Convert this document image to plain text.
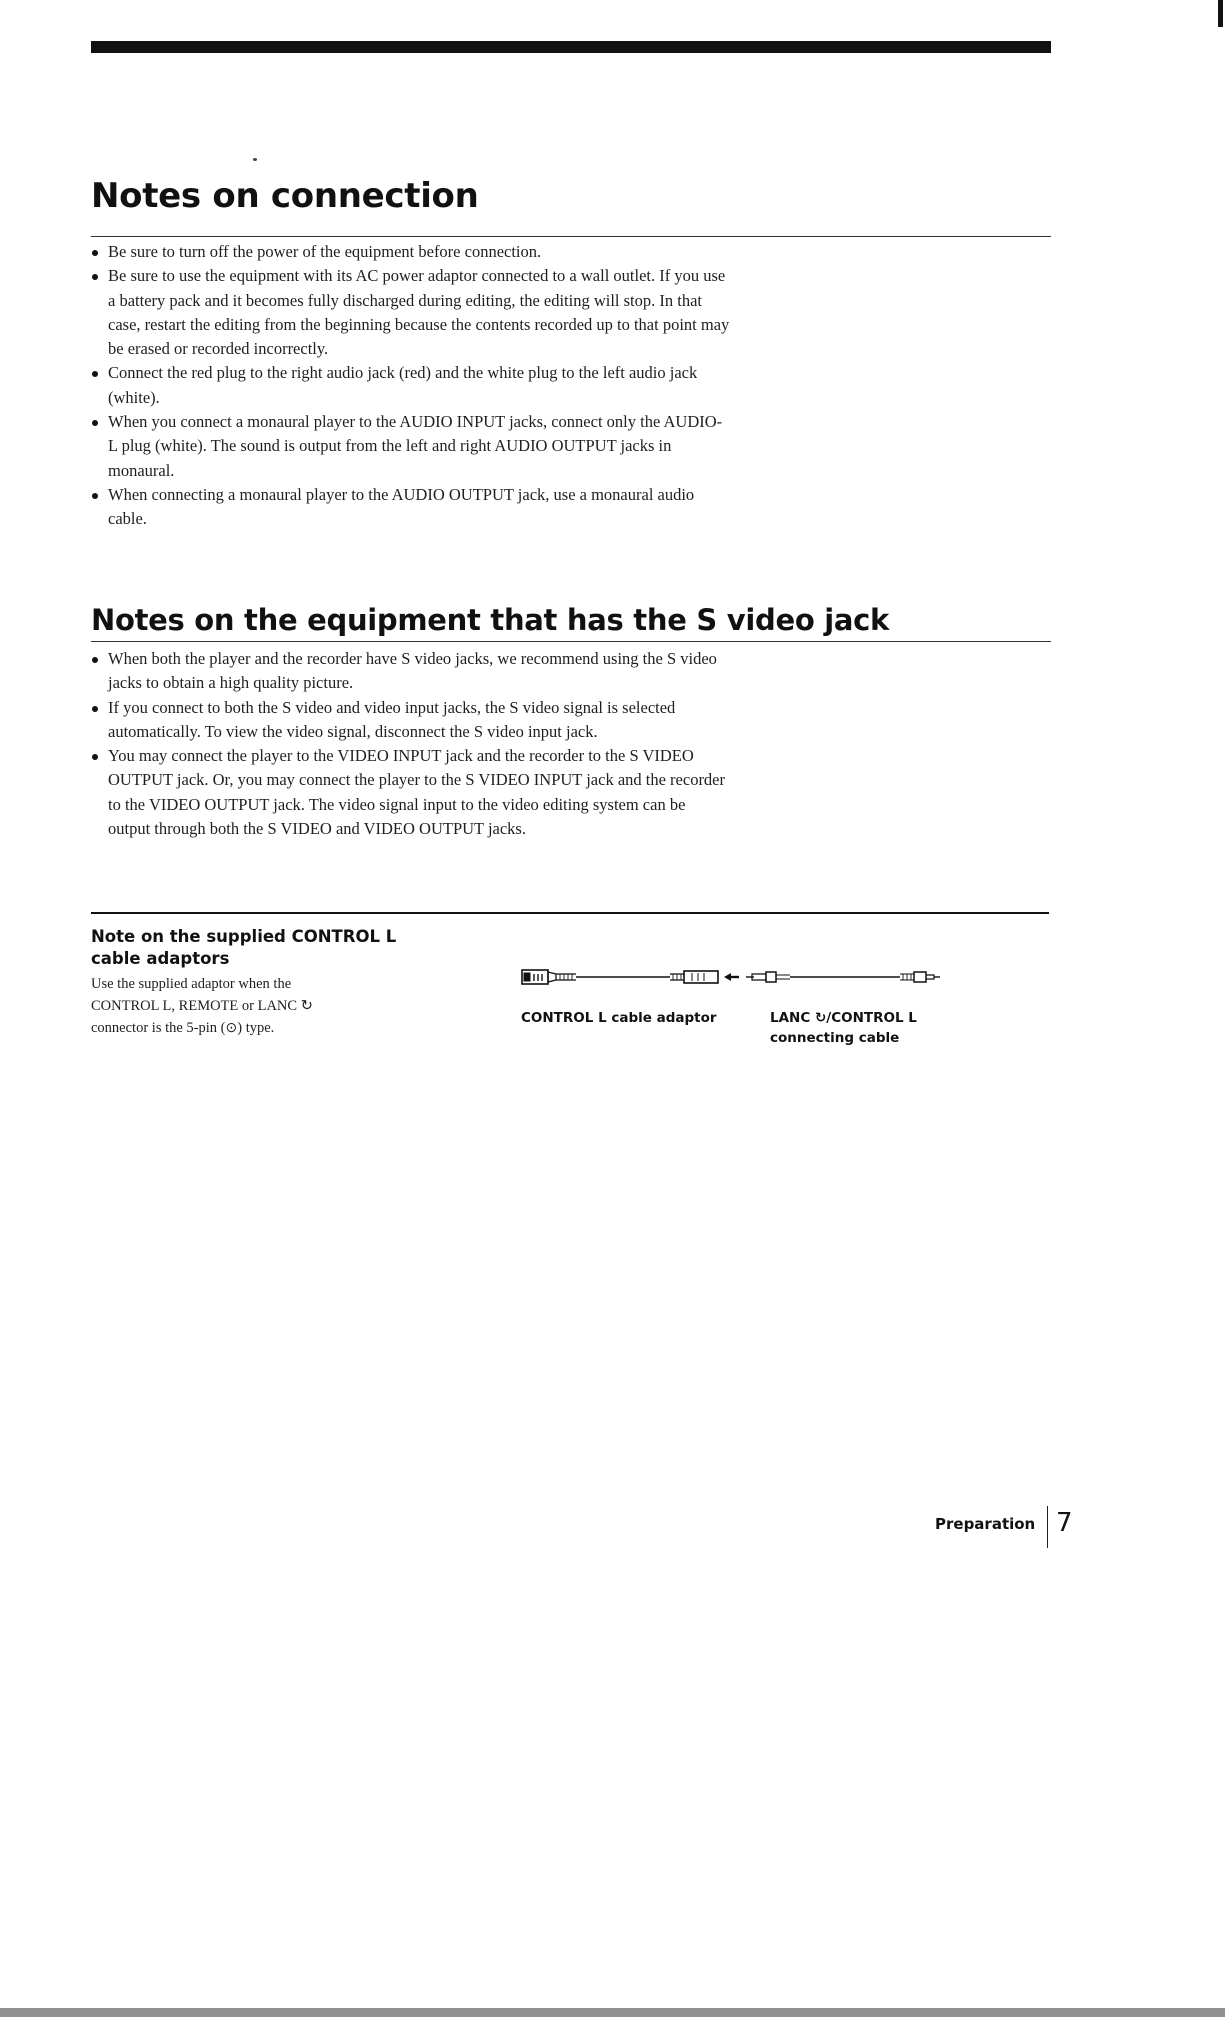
Notes on connection
Be sure to turn off the power of the equipment before connection.
Be sure to use the equipment with its AC power adaptor connected to a wall outlet. If you use a battery pack and it becomes fully discharged during editing, the editing will stop. In that case, restart the editing from the beginning because the contents recorded up to that point may be erased or recorded incorrectly.
Connect the red plug to the right audio jack (red) and the white plug to the left audio jack (white).
When you connect a monaural player to the AUDIO INPUT jacks, connect only the AUDIO-L plug (white). The sound is output from the left and right AUDIO OUTPUT jacks in monaural.
When connecting a monaural player to the AUDIO OUTPUT jack, use a monaural audio cable.
Notes on the equipment that has the S video jack
When both the player and the recorder have S video jacks, we recommend using the S video jacks to obtain a high quality picture.
If you connect to both the S video and video input jacks, the S video signal is selected automatically. To view the video signal, disconnect the S video input jack.
You may connect the player to the VIDEO INPUT jack and the recorder to the S VIDEO OUTPUT jack. Or, you may connect the player to the S VIDEO INPUT jack and the recorder to the VIDEO OUTPUT jack. The video signal input to the video editing system can be output through both the S VIDEO and VIDEO OUTPUT jacks.
Note on the supplied CONTROL L cable adaptors
Use the supplied adaptor when the
CONTROL L, REMOTE or LANC ↻
connector is the 5-pin (⊙) type.
CONTROL L cable adaptor	LANC ↻/CONTROL L
connecting cable
Preparation 7
